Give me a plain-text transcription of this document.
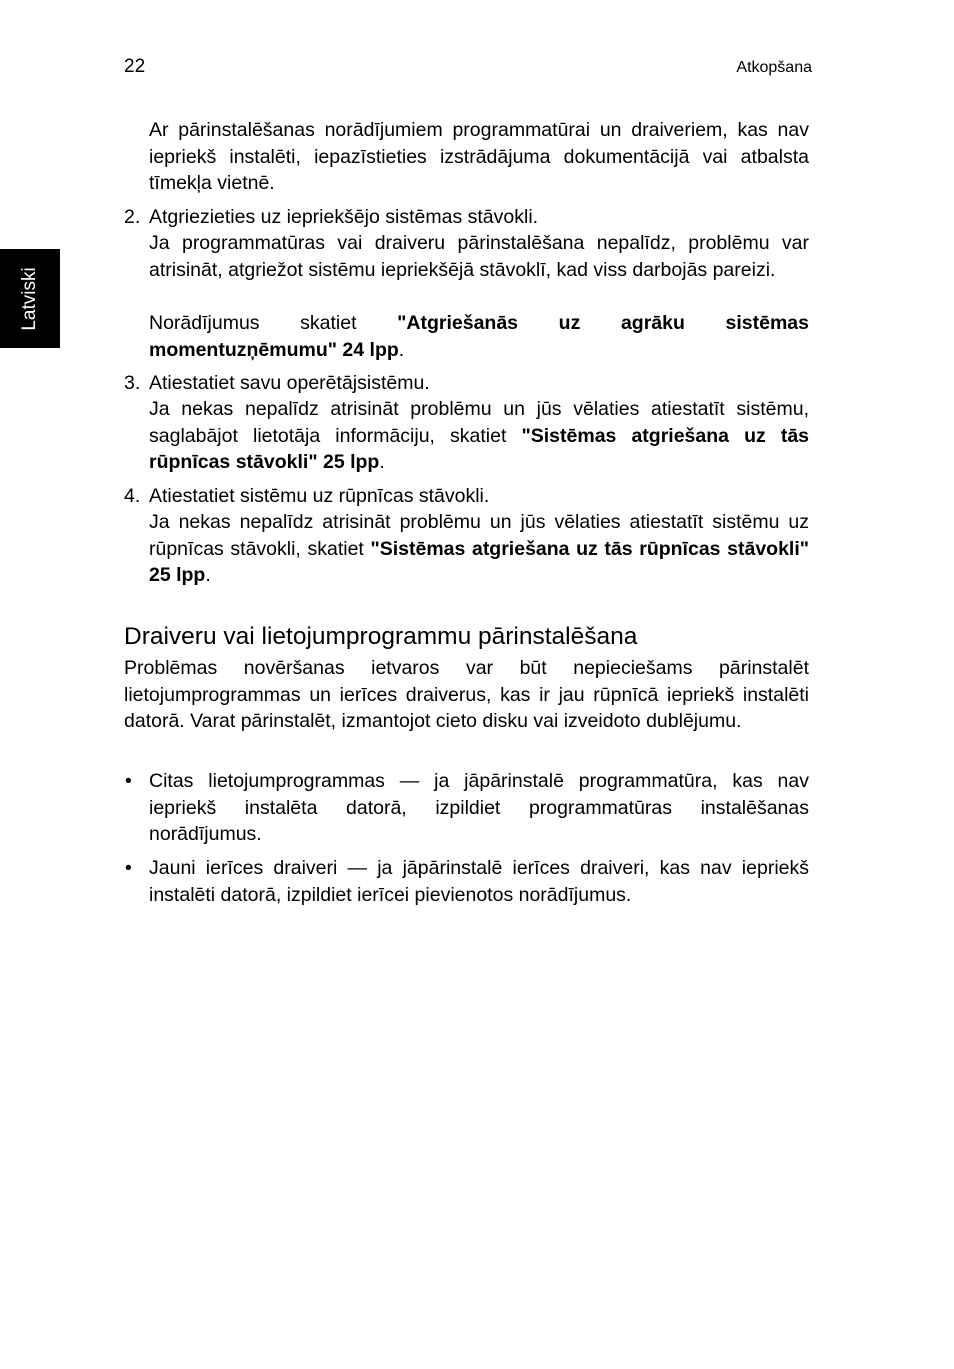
22	Atkopšana
Latviski

Ar pārinstalēšanas norādījumiem programmatūrai un draiveriem, kas nav iepriekš instalēti, iepazīstieties izstrādājuma dokumentācijā vai atbalsta tīmekļa vietnē.

2. Atgriezieties uz iepriekšējo sistēmas stāvokli.

Ja programmatūras vai draiveru pārinstalēšana nepalīdz, problēmu var atrisināt, atgriežot sistēmu iepriekšējā stāvoklī, kad viss darbojās pareizi.

Norādījumus skatiet "Atgriešanās uz agrāku sistēmas momentuzņēmumu" 24 lpp.

3. Atiestatiet savu operētājsistēmu.

Ja nekas nepalīdz atrisināt problēmu un jūs vēlaties atiestatīt sistēmu, saglabājot lietotāja informāciju, skatiet "Sistēmas atgriešana uz tās rūpnīcas stāvokli" 25 lpp.

4. Atiestatiet sistēmu uz rūpnīcas stāvokli.

Ja nekas nepalīdz atrisināt problēmu un jūs vēlaties atiestatīt sistēmu uz rūpnīcas stāvokli, skatiet "Sistēmas atgriešana uz tās rūpnīcas stāvokli" 25 lpp.

Draiveru vai lietojumprogrammu pārinstalēšana

Problēmas novēršanas ietvaros var būt nepieciešams pārinstalēt lietojumprogrammas un ierīces draiverus, kas ir jau rūpnīcā iepriekš instalēti datorā. Varat pārinstalēt, izmantojot cieto disku vai izveidoto dublējumu.

• Citas lietojumprogrammas — ja jāpārinstalē programmatūra, kas nav iepriekš instalēta datorā, izpildiet programmatūras instalēšanas norādījumus.

• Jauni ierīces draiveri — ja jāpārinstalē ierīces draiveri, kas nav iepriekš instalēti datorā, izpildiet ierīcei pievienotos norādījumus.
